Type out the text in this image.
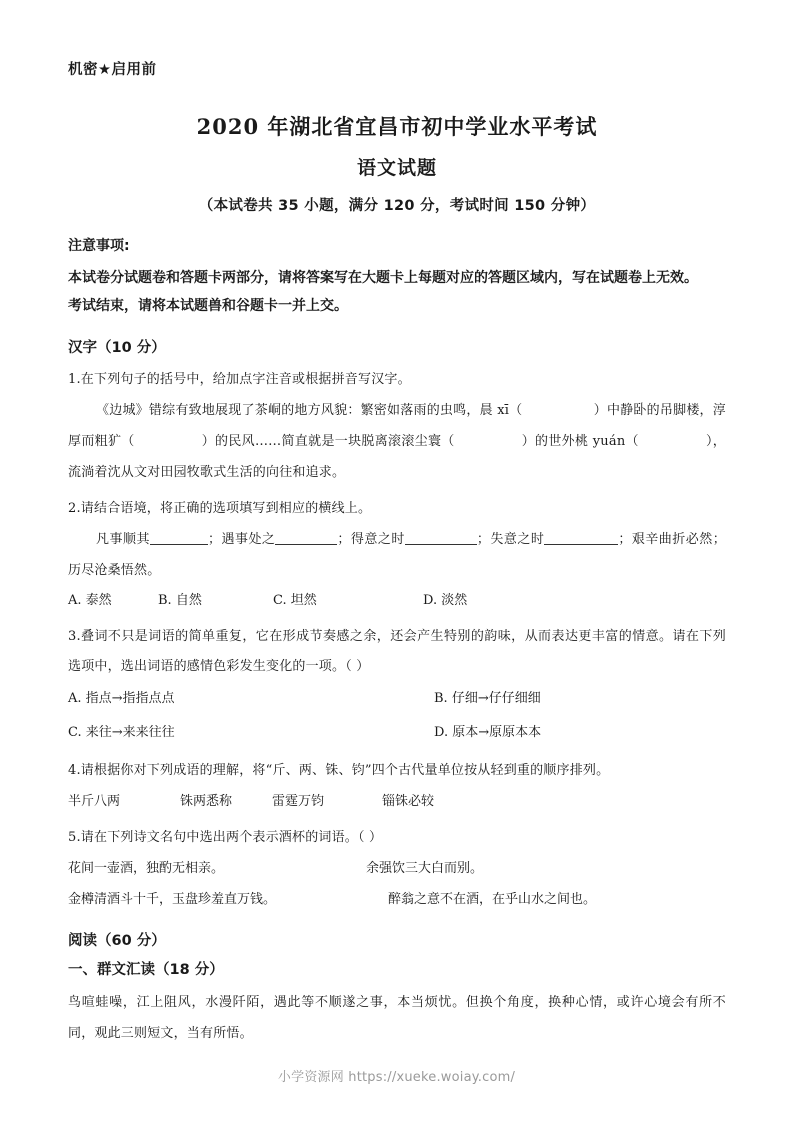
机密★启用前
2020 年湖北省宜昌市初中学业水平考试
语文试题
（本试卷共 35 小题，满分 120 分，考试时间 150 分钟）
注意事项:
本试卷分试题卷和答题卡两部分，请将答案写在大题卡上每题对应的答题区域内，写在试题卷上无效。
考试结束，请将本试题兽和谷题卡一并上交。
汉字（10 分）
1.在下列句子的括号中，给加点字注音或根据拼音写汉字。
《边城》错综有致地展现了茶峒的地方风貌：繁密如落雨的虫鸣，晨 xī（	）中静卧的吊脚楼，淳厚而粗犷（	）的民风……简直就是一块脱离滚滚尘寰（	）的世外桃 yuán（	），流淌着沈从文对田园牧歌式生活的向往和追求。
2.请结合语境，将正确的选项填写到相应的横线上。
凡事顺其	；遇事处之	；得意之时	；失意之时	；艰辛曲折必然；历尽沧桑悟然。
A. 泰然	B. 自然	C. 坦然	D. 淡然
3.叠词不只是词语的简单重复，它在形成节奏感之余，还会产生特别的韵味，从而表达更丰富的情意。请在下列选项中，选出词语的感情色彩发生变化的一项。（ ）
A. 指点→指指点点	B. 仔细→仔仔细细
C. 来往→来来往往	D. 原本→原原本本
4.请根据你对下列成语的理解，将“斤、两、铢、钧”四个古代量单位按从轻到重的顺序排列。
半斤八两	铢两悉称	雷霆万钧	锱铢必较
5.请在下列诗文名句中选出两个表示酒杯的词语。（ ）
花间一壶酒，独酌无相亲。	余强饮三大白而别。
金樽清酒斗十千，玉盘珍羞直万钱。	醉翁之意不在酒，在乎山水之间也。
阅读（60 分）
一、群文汇读（18 分）
鸟喧蛙噪，江上阻风，水漫阡陌，遇此等不顺遂之事，本当烦忧。但换个角度，换种心情，或许心境会有所不同，观此三则短文，当有所悟。
小学资源网 https://xueke.woiay.com/
